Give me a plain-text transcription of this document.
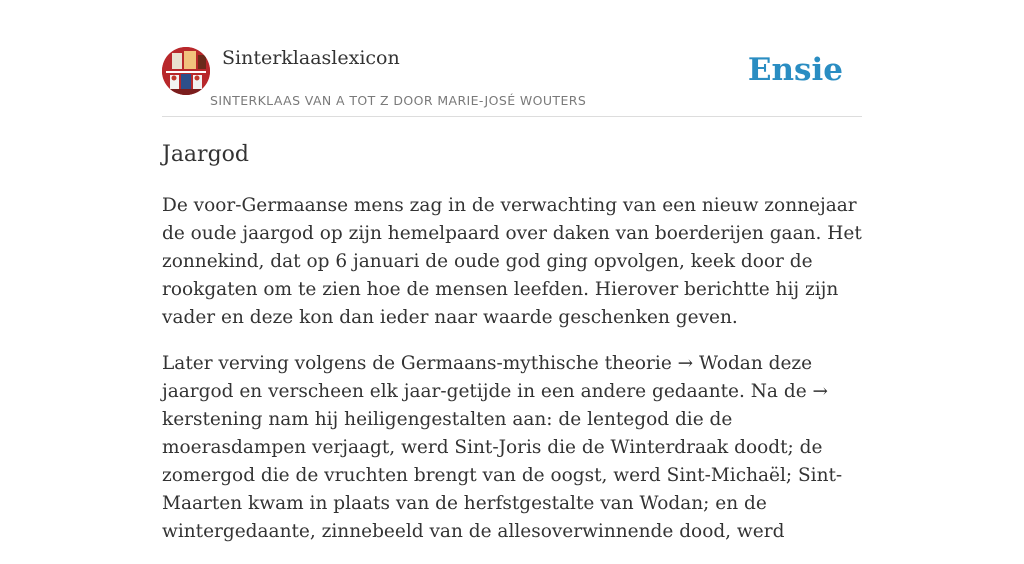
Sinterklaaslexicon
SINTERKLAAS VAN A TOT Z DOOR MARIE-JOSÉ WOUTERS
Ensie
Jaargod

De voor-Germaanse mens zag in de verwachting van een nieuw zonnejaar de oude jaargod op zijn hemelpaard over daken van boerderijen gaan. Het zonnekind, dat op 6 januari de oude god ging opvolgen, keek door de rookgaten om te zien hoe de mensen leefden. Hierover berichtte hij zijn vader en deze kon dan ieder naar waarde geschenken geven.

Later verving volgens de Germaans-mythische theorie → Wodan deze jaargod en verscheen elk jaar-getijde in een andere gedaante. Na de → kerstening nam hij heiligengestalten aan: de lentegod die de moerasdampen verjaagt, werd Sint-Joris die de Winterdraak doodt; de zomergod die de vruchten brengt van de oogst, werd Sint-Michaël; Sint-Maarten kwam in plaats van de herfstgestalte van Wodan; en de wintergedaante, zinnebeeld van de allesoverwinnende dood, werd
